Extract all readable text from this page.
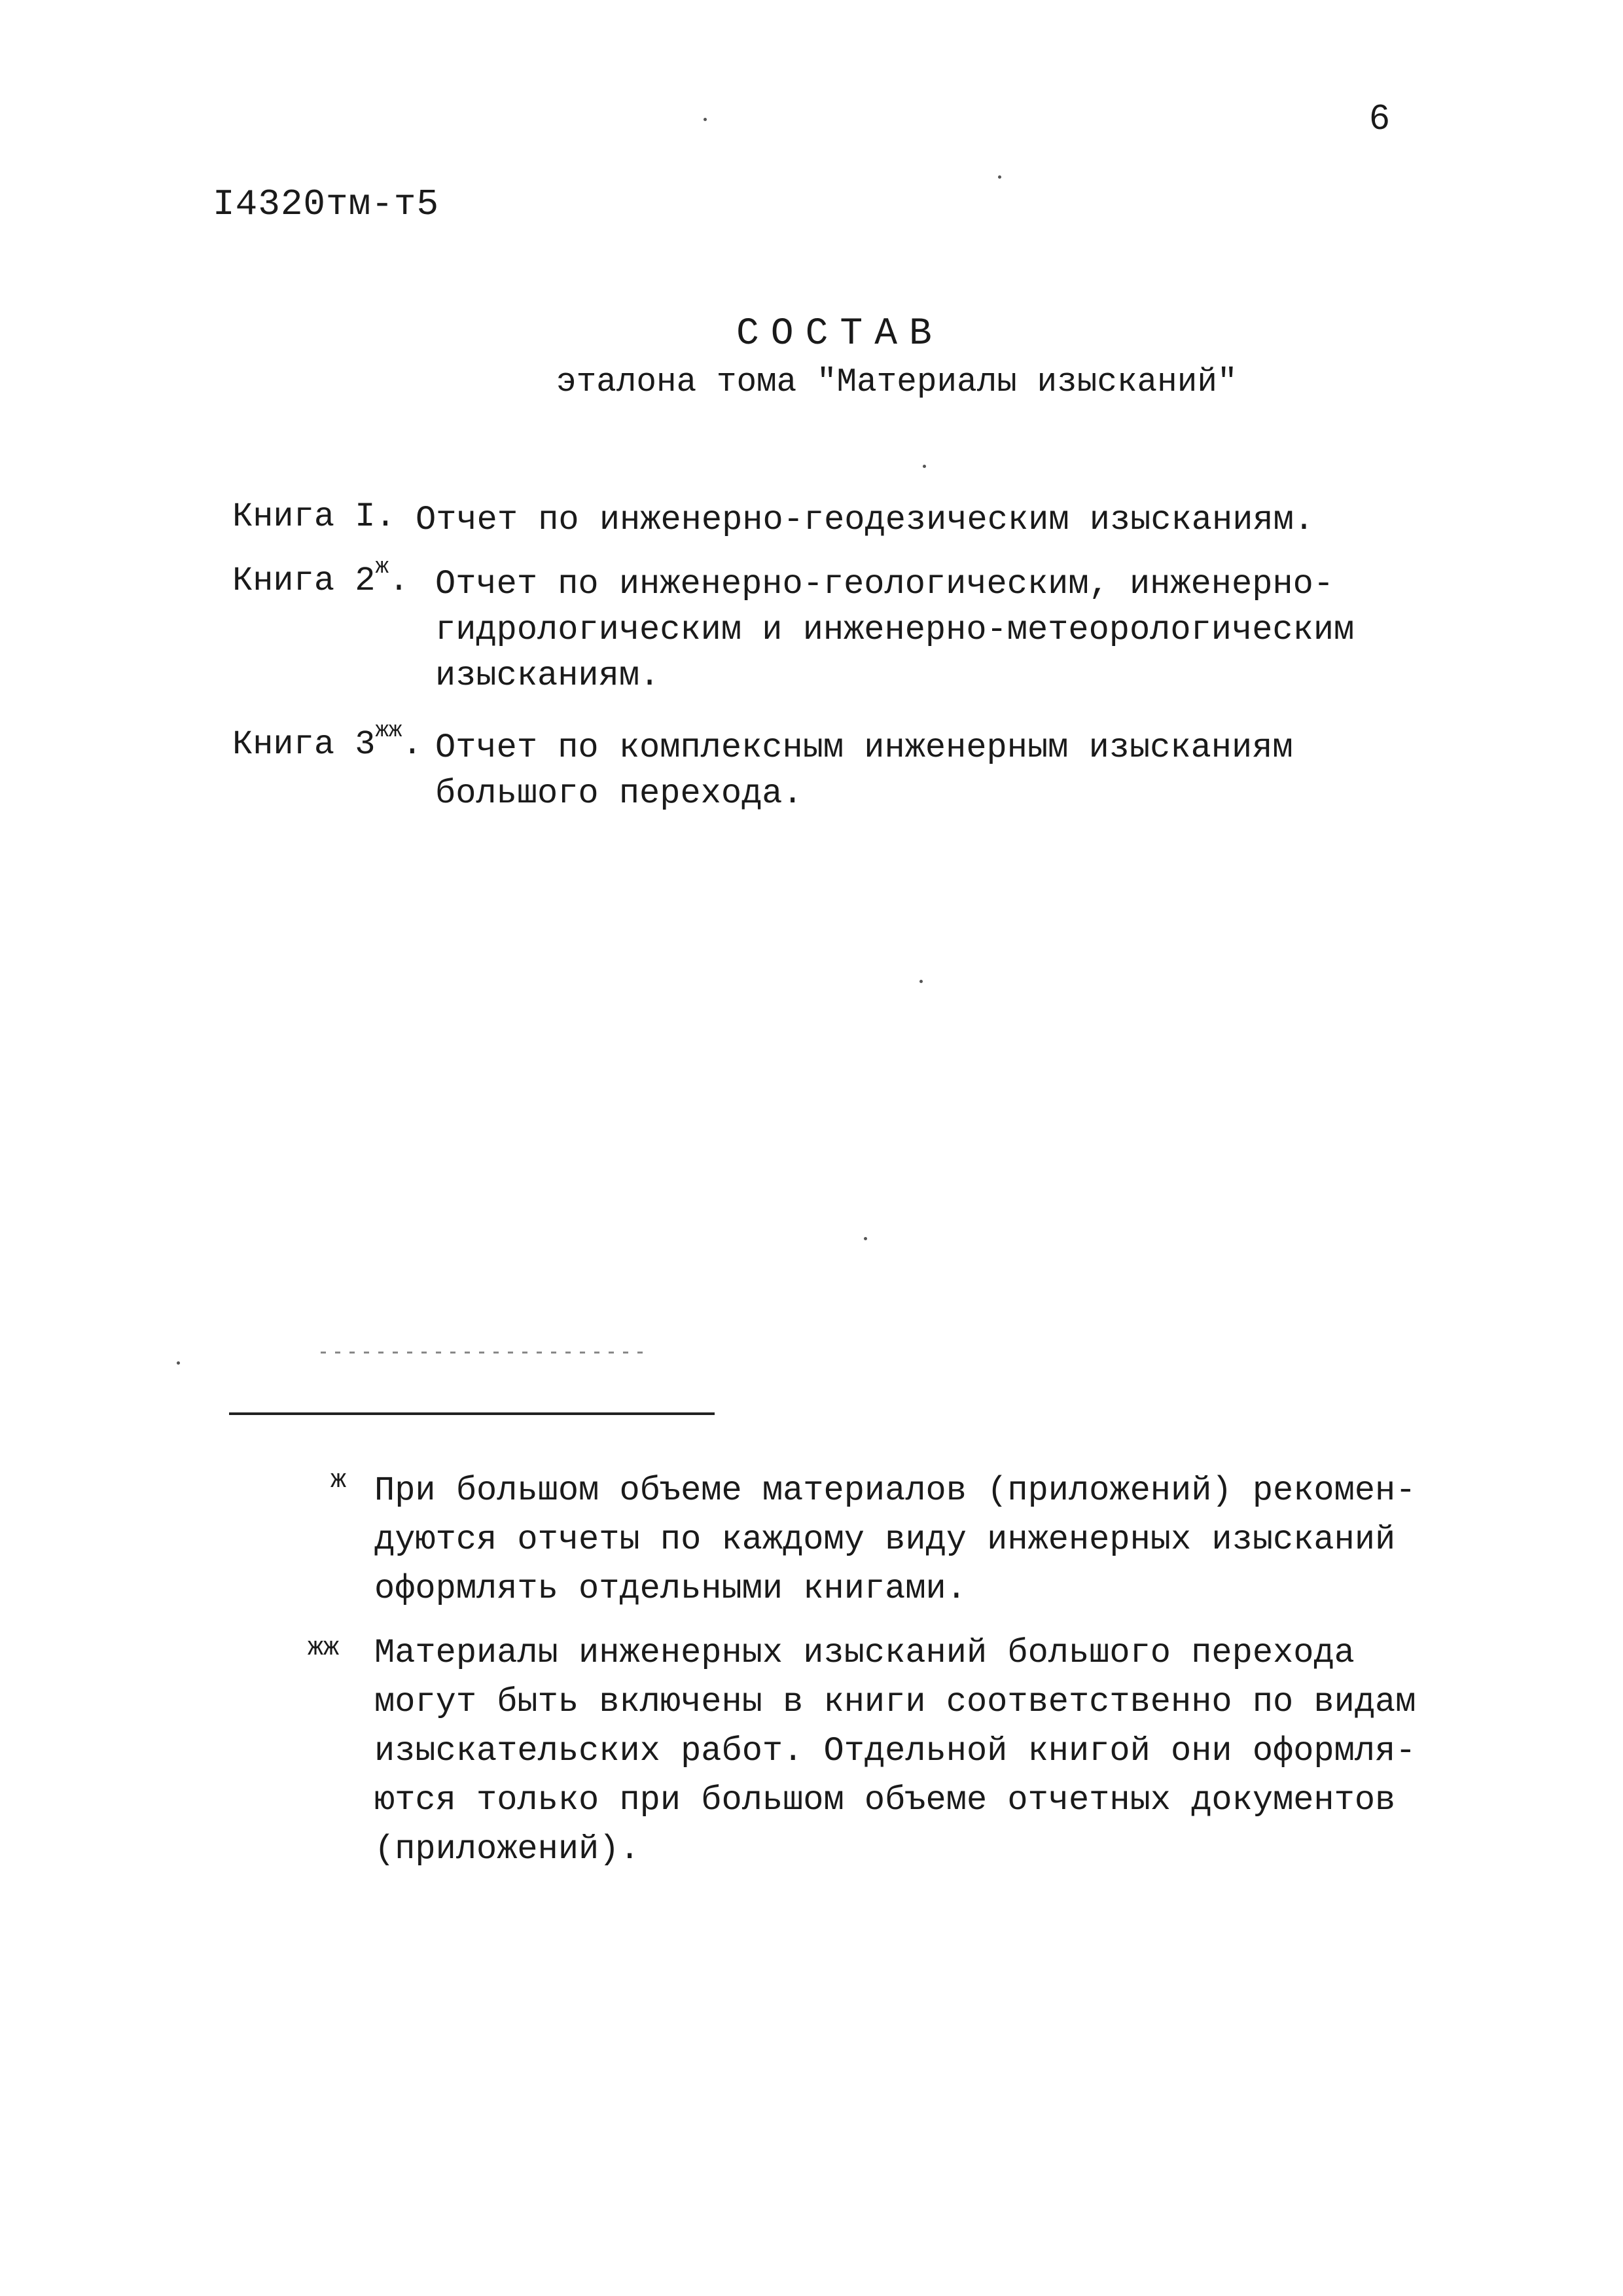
6
I4320тм-т5
СОСТАВ
эталона тома "Материалы изысканий"
Книга I. Отчет по инженерно-геодезическим изысканиям.
Книга $2^ж$. Отчет по инженерно-геологическим, инженерно-
гидрологическим и инженерно-метеорологическим
изысканиям.
Книга $3^{жж}$. Отчет по комплексным инженерным изысканиям
большого перехода.
ж При большом объеме материалов (приложений) рекомен-
дуются отчеты по каждому виду инженерных изысканий
оформлять отдельными книгами.
жж Материалы инженерных изысканий большого перехода
могут быть включены в книги соответственно по видам
изыскательских работ. Отдельной книгой они оформля-
ются только при большом объеме отчетных документов
(приложений).
